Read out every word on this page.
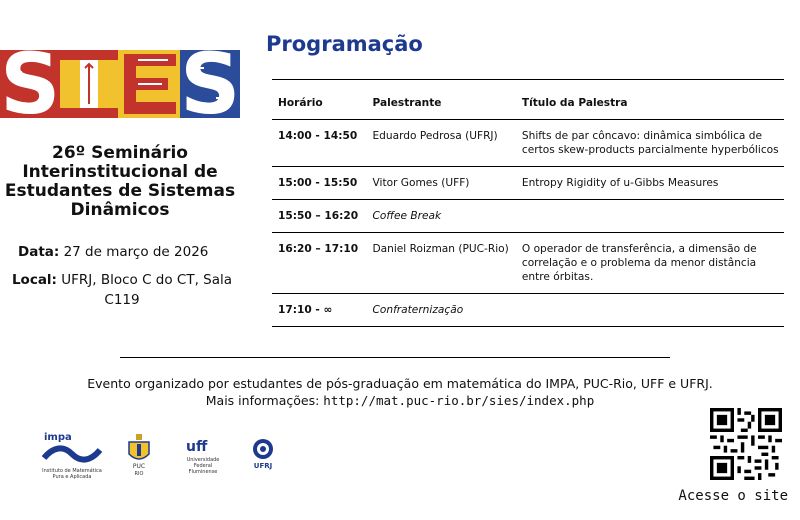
S S
26º Seminário
Interinstitucional de
Estudantes de Sistemas
Dinâmicos
Data: 27 de março de 2026
Local: UFRJ, Bloco C do CT, Sala C119
Programação
Horário	Palestrante	Título da Palestra
14:00 - 14:50	Eduardo Pedrosa (UFRJ)	Shifts de par côncavo: dinâmica simbólica de certos skew-products parcialmente hyperbólicos
15:00 - 15:50	Vitor Gomes (UFF)	Entropy Rigidity of u-Gibbs Measures
15:50 – 16:20	Coffee Break	
16:20 – 17:10	Daniel Roizman (PUC-Rio)	O operador de transferência, a dimensão de correlação e o problema da menor distância entre órbitas.
17:10 - ∞	Confraternização	
Evento organizado por estudantes de pós-graduação em matemática do IMPA, PUC-Rio, UFF e UFRJ.
Mais informações: http://mat.puc-rio.br/sies/index.php
impa
Instituto de Matemática Pura e Aplicada
PUC
RIO
uff
Universidade Federal Fluminense
UFRJ
Acesse o site
